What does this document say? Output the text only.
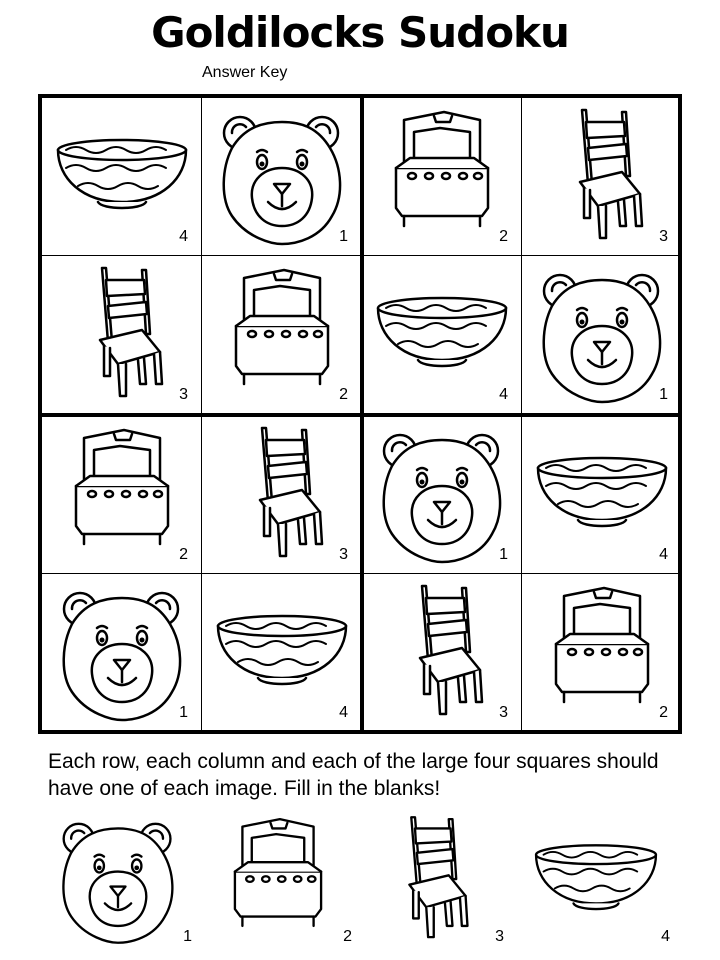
Goldilocks Sudoku
Answer Key
4	1	2	3
3	2	4	1
2	3	1	4
1	4	3	2
Each row, each column and each of the large four squares should have one of each image. Fill in the blanks!
1	2	3	4
